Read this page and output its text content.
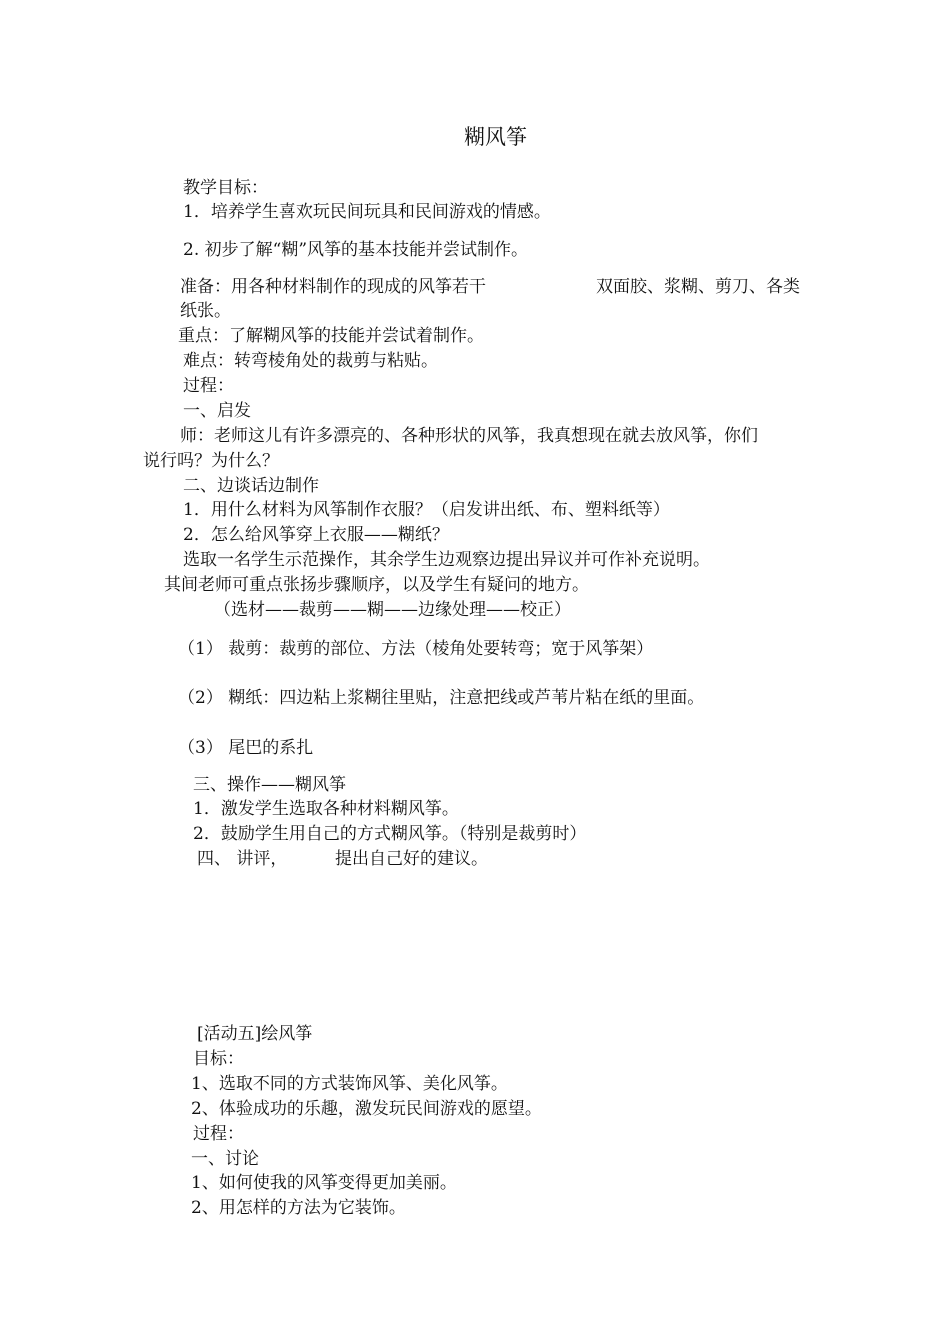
糊风筝
教学目标：
1．培养学生喜欢玩民间玩具和民间游戏的情感。
2. 初步了解“糊”风筝的基本技能并尝试制作。
准备：用各种材料制作的现成的风筝若干	双面胶、浆糊、剪刀、各类
纸张。
重点：了解糊风筝的技能并尝试着制作。
难点：转弯棱角处的裁剪与粘贴。
过程：
一、启发
师：老师这儿有许多漂亮的、各种形状的风筝，我真想现在就去放风筝，你们
说行吗？为什么？
二、边谈话边制作
1．用什么材料为风筝制作衣服？（启发讲出纸、布、塑料纸等）
2．怎么给风筝穿上衣服——糊纸？
选取一名学生示范操作，其余学生边观察边提出异议并可作补充说明。
其间老师可重点张扬步骤顺序，以及学生有疑问的地方。
（选材——裁剪——糊——边缘处理——校正）
（1） 裁剪：裁剪的部位、方法（棱角处要转弯；宽于风筝架）
（2） 糊纸：四边粘上浆糊往里贴，注意把线或芦苇片粘在纸的里面。
（3） 尾巴的系扎
三、操作——糊风筝
1．激发学生选取各种材料糊风筝。
2．鼓励学生用自己的方式糊风筝。（特别是裁剪时）
四、 讲评，	提出自己好的建议。
[活动五]绘风筝
目标：
1、选取不同的方式装饰风筝、美化风筝。
2、体验成功的乐趣，激发玩民间游戏的愿望。
过程：
一、讨论
1、如何使我的风筝变得更加美丽。
2、用怎样的方法为它装饰。
